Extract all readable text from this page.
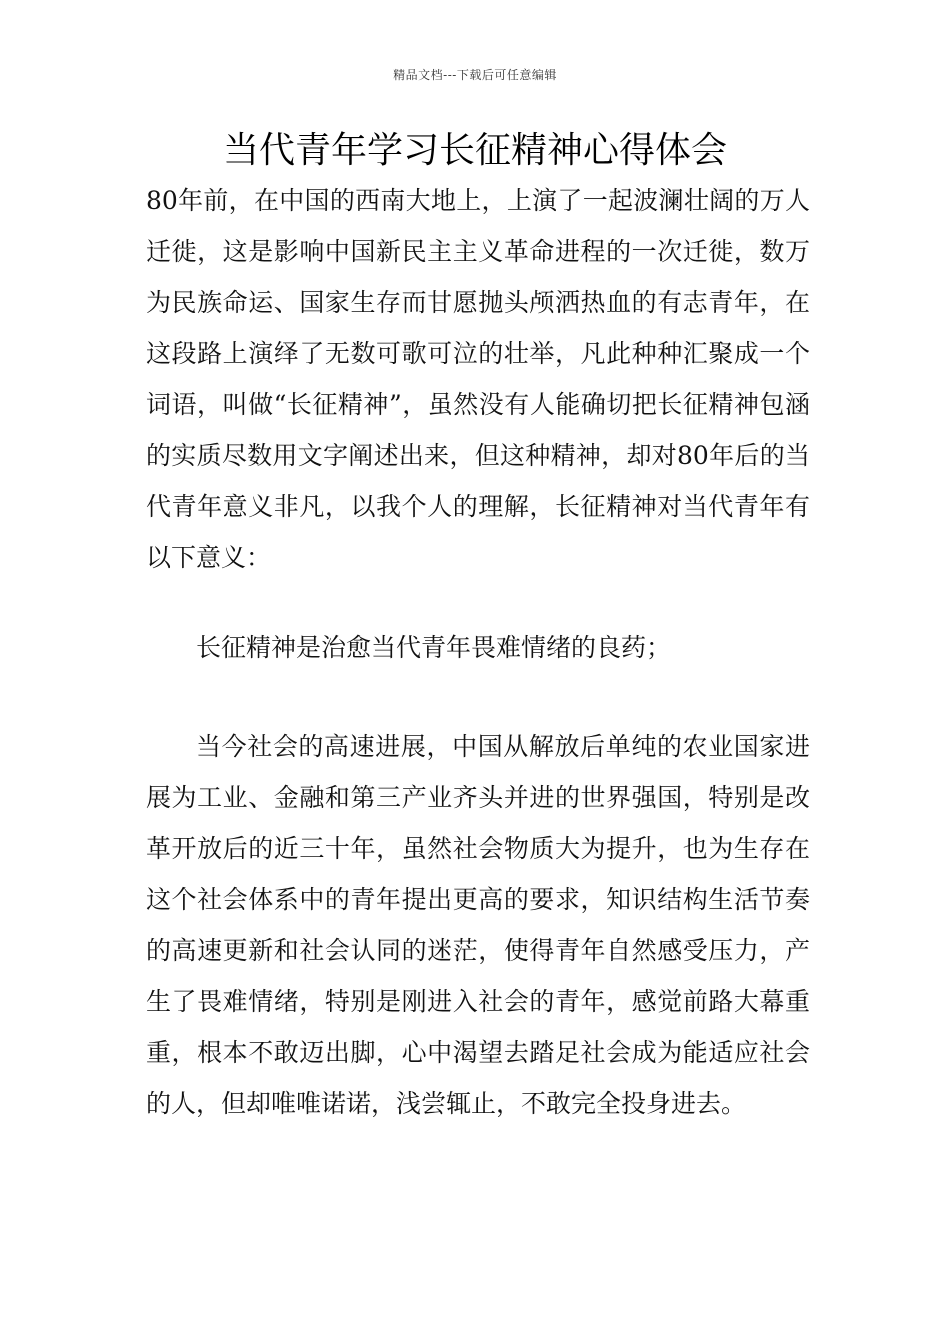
精品文档---下载后可任意编辑
当代青年学习长征精神心得体会

80年前，在中国的西南大地上，上演了一起波澜壮阔的万人迁徙，这是影响中国新民主主义革命进程的一次迁徙，数万为民族命运、国家生存而甘愿抛头颅洒热血的有志青年，在这段路上演绎了无数可歌可泣的壮举，凡此种种汇聚成一个词语，叫做“长征精神”，虽然没有人能确切把长征精神包涵的实质尽数用文字阐述出来，但这种精神，却对80年后的当代青年意义非凡，以我个人的理解，长征精神对当代青年有以下意义：

长征精神是治愈当代青年畏难情绪的良药；

当今社会的高速进展，中国从解放后单纯的农业国家进展为工业、金融和第三产业齐头并进的世界强国，特别是改革开放后的近三十年，虽然社会物质大为提升，也为生存在这个社会体系中的青年提出更高的要求，知识结构生活节奏的高速更新和社会认同的迷茫，使得青年自然感受压力，产生了畏难情绪，特别是刚进入社会的青年，感觉前路大幕重重，根本不敢迈出脚，心中渴望去踏足社会成为能适应社会的人，但却唯唯诺诺，浅尝辄止，不敢完全投身进去。
